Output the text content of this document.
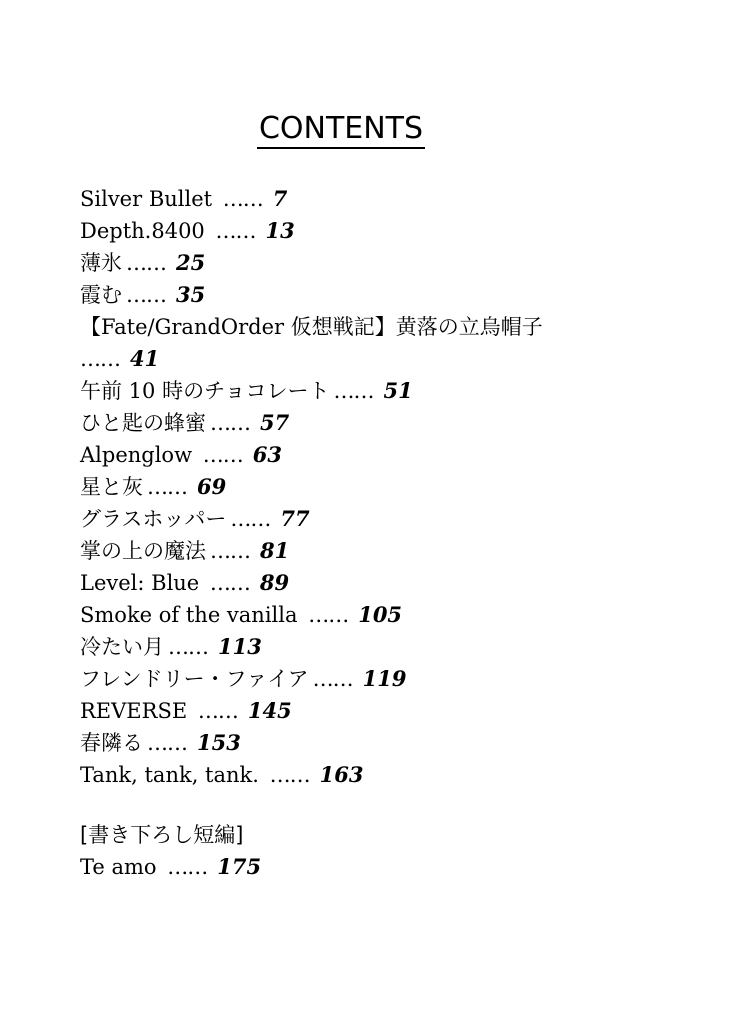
CONTENTS
Silver Bullet …… 7
Depth.8400 …… 13
薄氷 …… 25
霞む …… 35
【Fate/GrandOrder 仮想戦記】黄落の立烏帽子
…… 41
午前 10 時のチョコレート …… 51
ひと匙の蜂蜜 …… 57
Alpenglow …… 63
星と灰 …… 69
グラスホッパー …… 77
掌の上の魔法 …… 81
Level: Blue …… 89
Smoke of the vanilla …… 105
冷たい月 …… 113
フレンドリー・ファイア …… 119
REVERSE …… 145
春隣る …… 153
Tank, tank, tank. …… 163
[書き下ろし短編]
Te amo …… 175
